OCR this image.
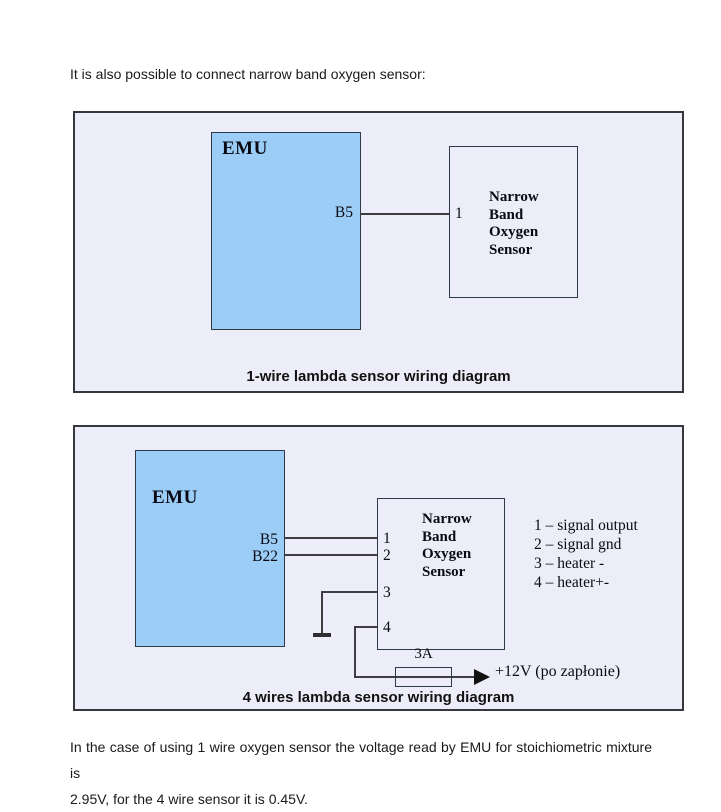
It is also possible to connect narrow band oxygen sensor:
EMU
B5	1
Narrow
Band
Oxygen
Sensor
1-wire lambda sensor wiring diagram
EMU
B5
B22
1
2
3
4
Narrow
Band
Oxygen
Sensor
3A
+12V (po zapłonie)
1 – signal output
2 – signal gnd
3 – heater -
4 – heater+-
4 wires lambda sensor wiring diagram
In the case of using 1 wire oxygen sensor the voltage read by EMU for stoichiometric mixture is
2.95V, for the 4 wire sensor it is 0.45V.
